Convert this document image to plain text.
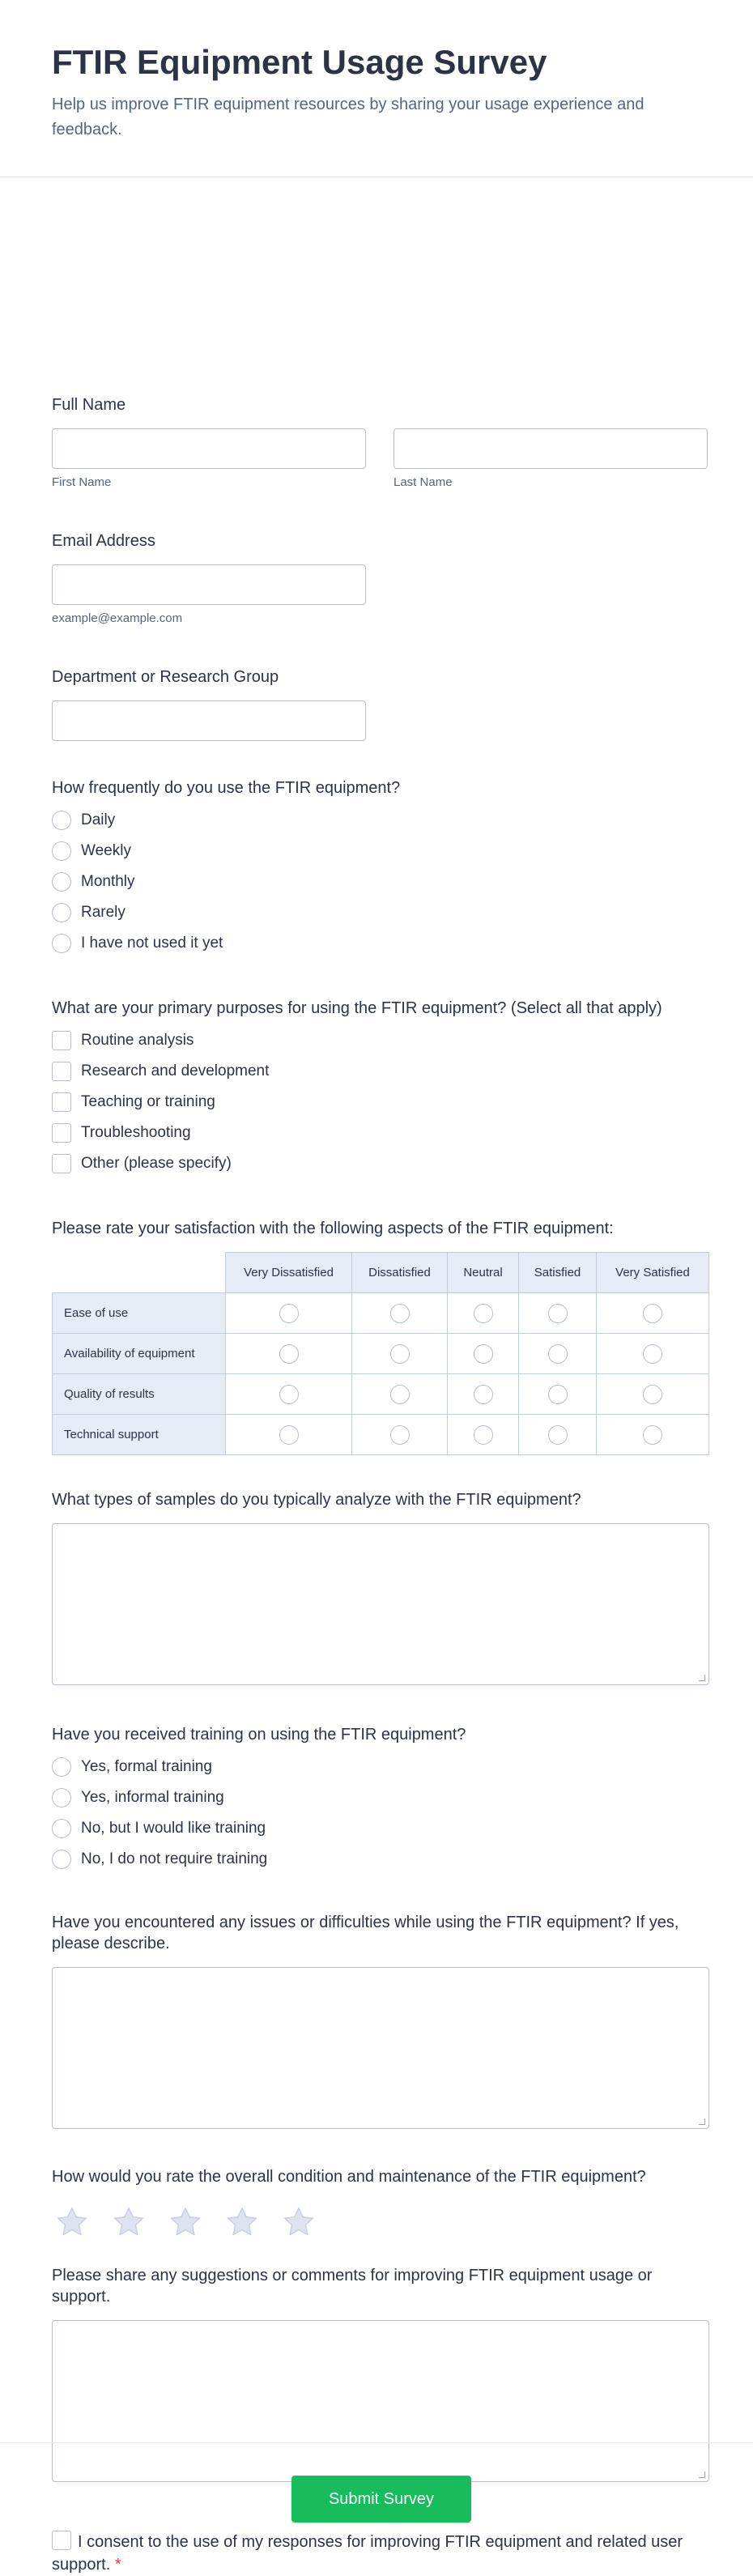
FTIR Equipment Usage Survey

Help us improve FTIR equipment resources by sharing your usage experience and feedback.

Full Name
First Name	Last Name
Email Address
example@example.com
Department or Research Group
How frequently do you use the FTIR equipment?
Daily
Weekly
Monthly
Rarely
I have not used it yet
What are your primary purposes for using the FTIR equipment? (Select all that apply)
Routine analysis
Research and development
Teaching or training
Troubleshooting
Other (please specify)
Please rate your satisfaction with the following aspects of the FTIR equipment:
	Very Dissatisfied	Dissatisfied	Neutral	Satisfied	Very Satisfied
Ease of use					
Availability of equipment					
Quality of results					
Technical support					
What types of samples do you typically analyze with the FTIR equipment?
Have you received training on using the FTIR equipment?
Yes, formal training
Yes, informal training
No, but I would like training
No, I do not require training
Have you encountered any issues or difficulties while using the FTIR equipment? If yes, please describe.
How would you rate the overall condition and maintenance of the FTIR equipment?
Please share any suggestions or comments for improving FTIR equipment usage or support.
I consent to the use of my responses for improving FTIR equipment and related user support. *
Submit Survey
